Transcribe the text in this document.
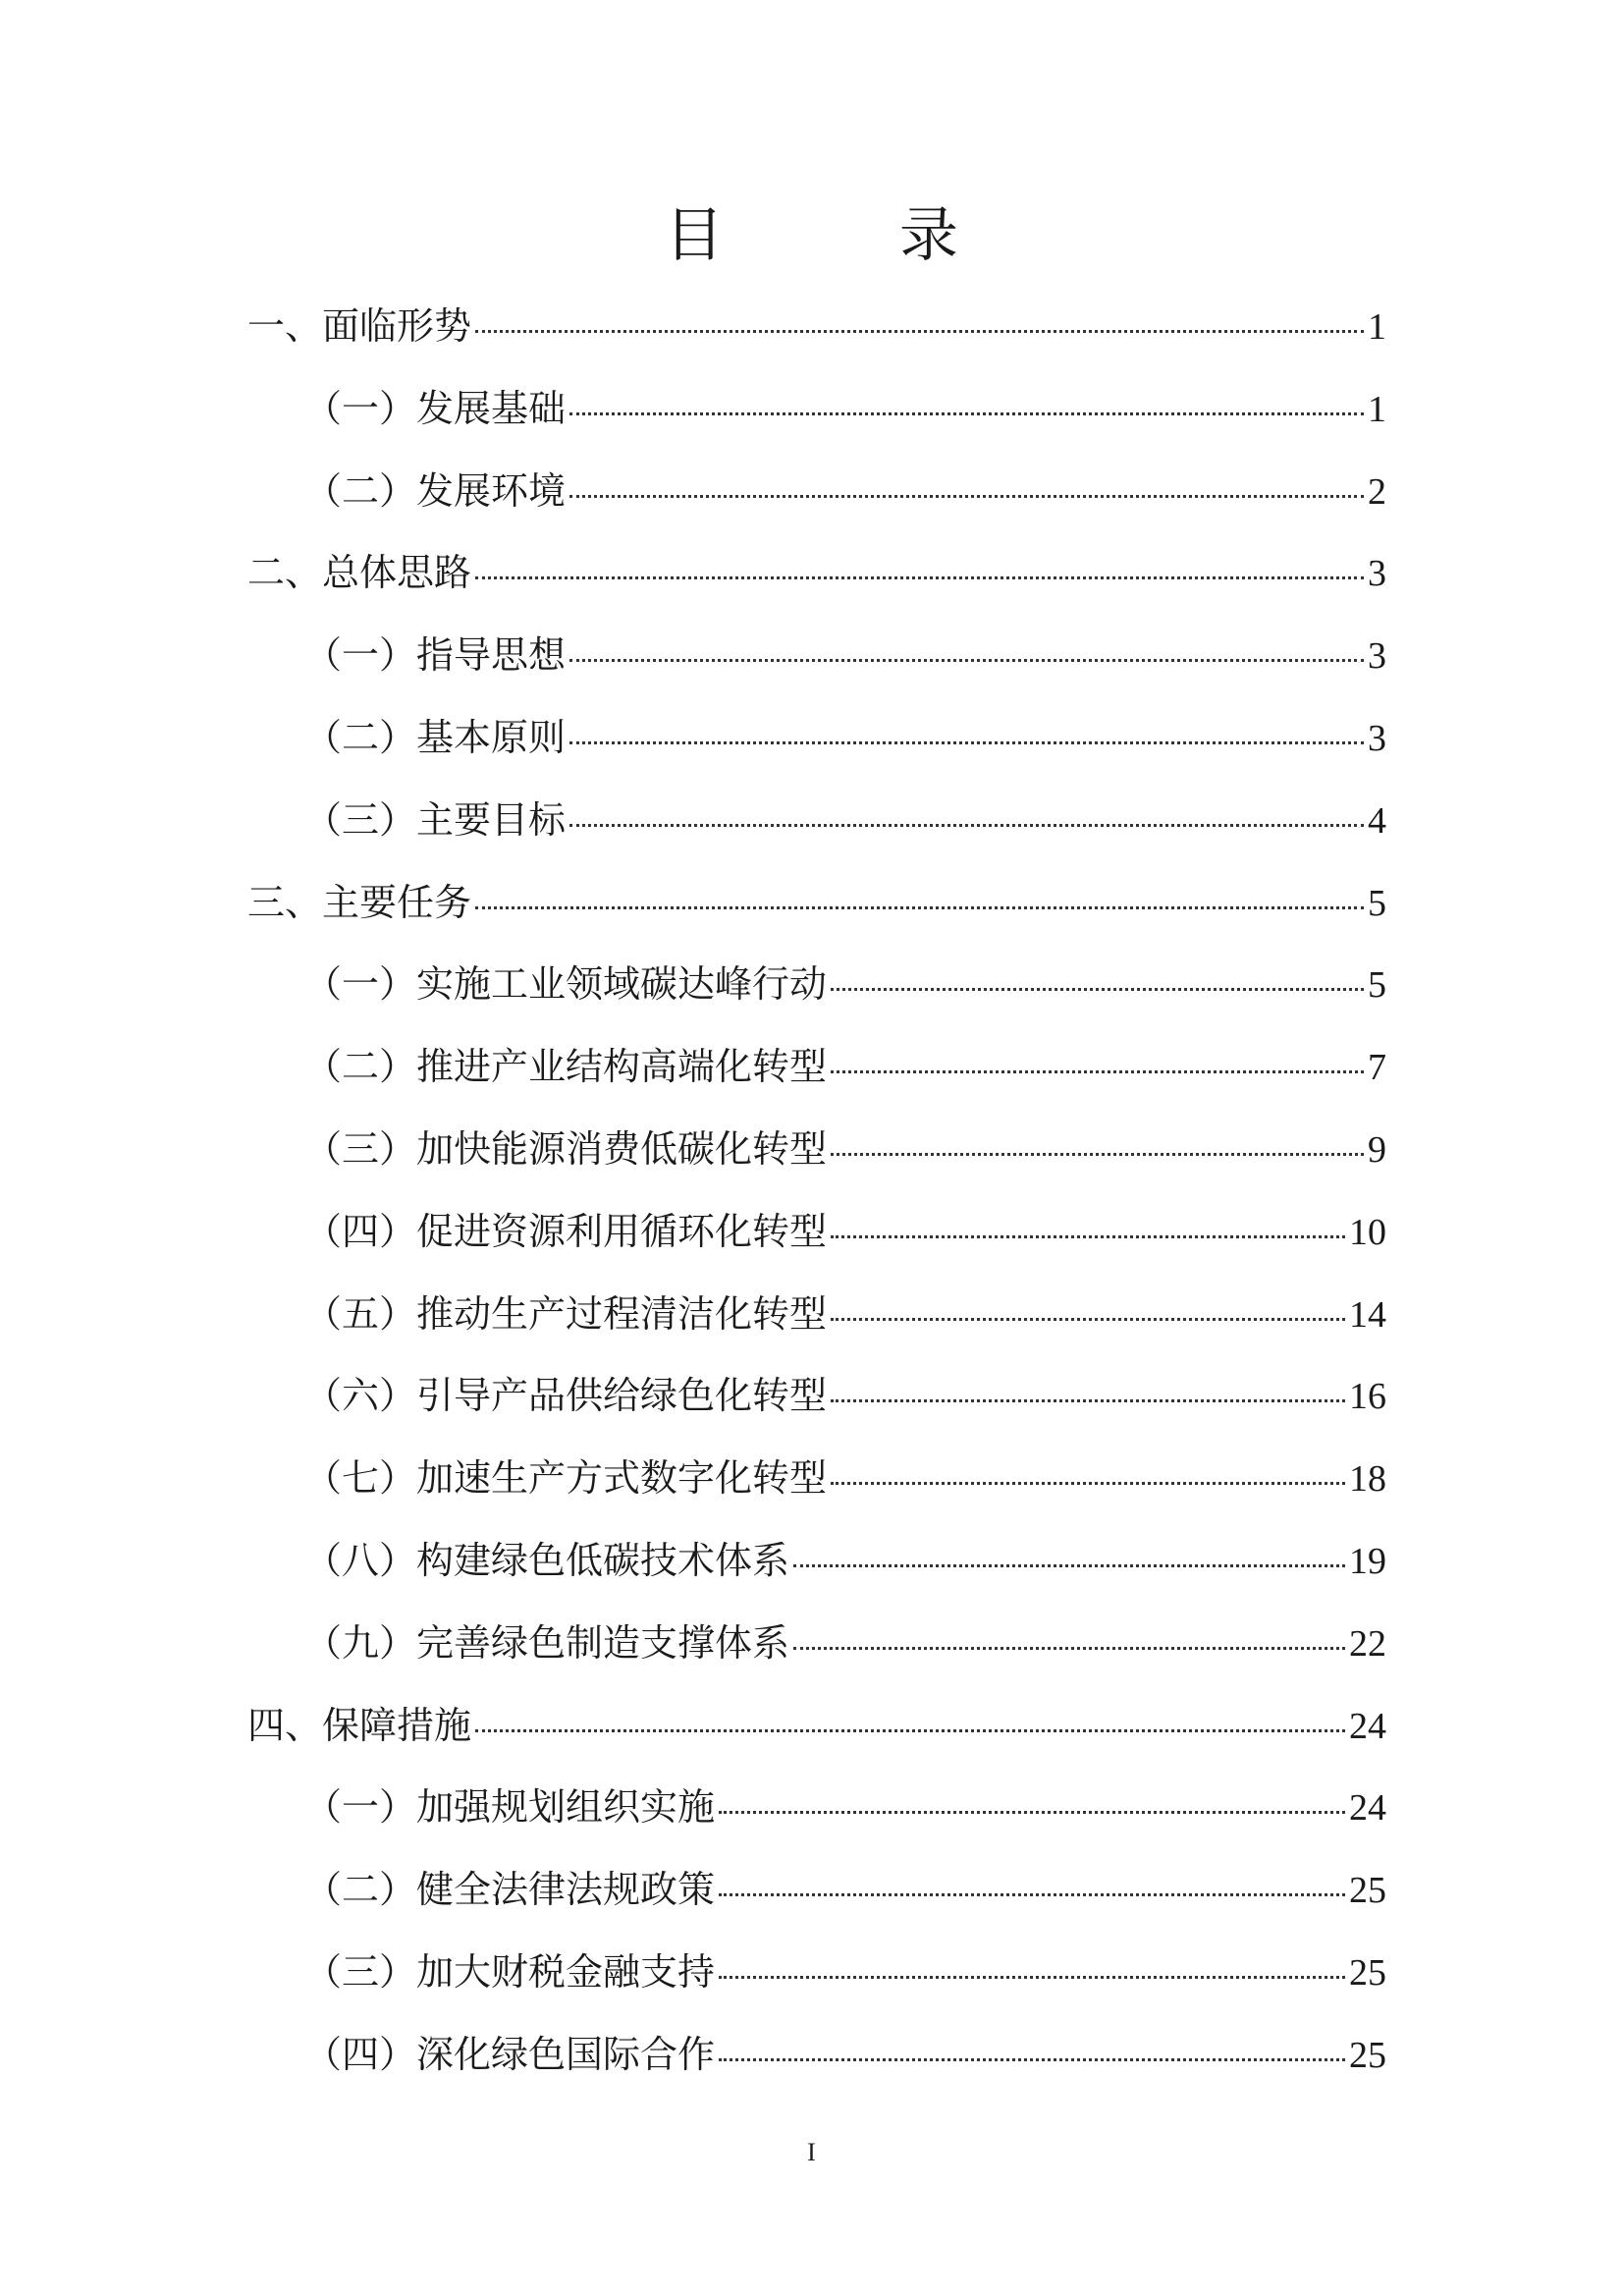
目 录
一、面临形势	1
（一）发展基础	1
（二）发展环境	2
二、总体思路	3
（一）指导思想	3
（二）基本原则	3
（三）主要目标	4
三、主要任务	5
（一）实施工业领域碳达峰行动	5
（二）推进产业结构高端化转型	7
（三）加快能源消费低碳化转型	9
（四）促进资源利用循环化转型	10
（五）推动生产过程清洁化转型	14
（六）引导产品供给绿色化转型	16
（七）加速生产方式数字化转型	18
（八）构建绿色低碳技术体系	19
（九）完善绿色制造支撑体系	22
四、保障措施	24
（一）加强规划组织实施	24
（二）健全法律法规政策	25
（三）加大财税金融支持	25
（四）深化绿色国际合作	25
I
